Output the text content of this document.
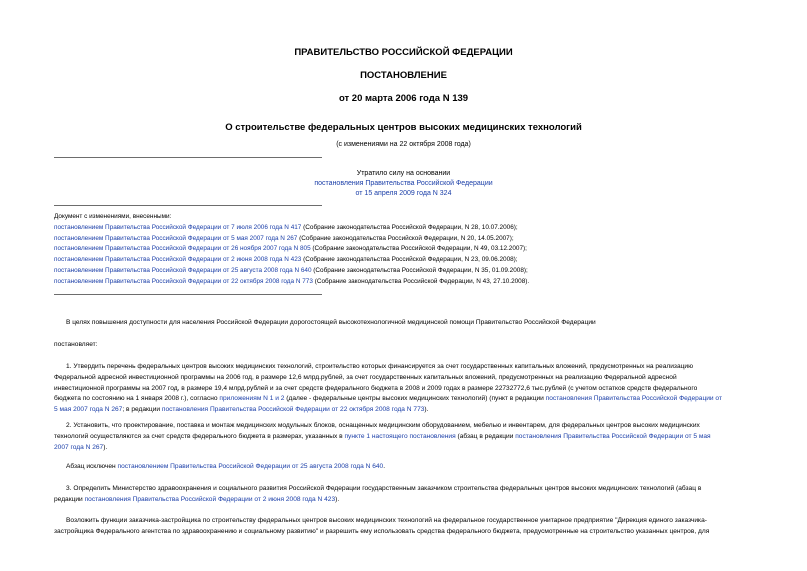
ПРАВИТЕЛЬСТВО РОССИЙСКОЙ ФЕДЕРАЦИИ
ПОСТАНОВЛЕНИЕ
от 20 марта 2006 года N 139
О строительстве федеральных центров высоких медицинских технологий
(с изменениями на 22 октября 2008 года)
Утратило силу на основании
постановления Правительства Российской Федерации
от 15 апреля 2009 года N 324
Документ с изменениями, внесенными:
постановлением Правительства Российской Федерации от 7 июля 2006 года N 417 (Собрание законодательства Российской Федерации, N 28, 10.07.2006);
постановлением Правительства Российской Федерации от 5 мая 2007 года N 267 (Собрание законодательства Российской Федерации, N 20, 14.05.2007);
постановлением Правительства Российской Федерации от 26 ноября 2007 года N 805 (Собрание законодательства Российской Федерации, N 49, 03.12.2007);
постановлением Правительства Российской Федерации от 2 июня 2008 года N 423 (Собрание законодательства Российской Федерации, N 23, 09.06.2008);
постановлением Правительства Российской Федерации от 25 августа 2008 года N 640 (Собрание законодательства Российской Федерации, N 35, 01.09.2008);
постановлением Правительства Российской Федерации от 22 октября 2008 года N 773 (Собрание законодательства Российской Федерации, N 43, 27.10.2008).
В целях повышения доступности для населения Российской Федерации дорогостоящей высокотехнологичной медицинской помощи Правительство Российской Федерации
постановляет:
1. Утвердить перечень федеральных центров высоких медицинских технологий, строительство которых финансируется за счет государственных капитальных вложений, предусмотренных на реализацию
Федеральной адресной инвестиционной программы на 2006 год, в размере 12,6 млрд.рублей, за счет государственных капитальных вложений, предусмотренных на реализацию Федеральной адресной
инвестиционной программы на 2007 год, в размере 19,4 млрд.рублей и за счет средств федерального бюджета в 2008 и 2009 годах в размере 22732772,6 тыс.рублей (с учетом остатков средств федерального
бюджета по состоянию на 1 января 2008 г.), согласно приложениям N 1 и 2 (далее - федеральные центры высоких медицинских технологий) (пункт в редакции постановления Правительства Российской Федерации от
5 мая 2007 года N 267; в редакции постановления Правительства Российской Федерации от 22 октября 2008 года N 773).
2. Установить, что проектирование, поставка и монтаж медицинских модульных блоков, оснащенных медицинским оборудованием, мебелью и инвентарем, для федеральных центров высоких медицинских
технологий осуществляются за счет средств федерального бюджета в размерах, указанных в пункте 1 настоящего постановления (абзац в редакции постановления Правительства Российской Федерации от 5 мая
2007 года N 267).
Абзац исключен постановлением Правительства Российской Федерации от 25 августа 2008 года N 640.
3. Определить Министерство здравоохранения и социального развития Российской Федерации государственным заказчиком строительства федеральных центров высоких медицинских технологий (абзац в
редакции постановления Правительства Российской Федерации от 2 июня 2008 года N 423).
Возложить функции заказчика-застройщика по строительству федеральных центров высоких медицинских технологий на федеральное государственное унитарное предприятие "Дирекция единого заказчика-
застройщика Федерального агентства по здравоохранению и социальному развитию" и разрешить ему использовать средства федерального бюджета, предусмотренные на строительство указанных центров, для
